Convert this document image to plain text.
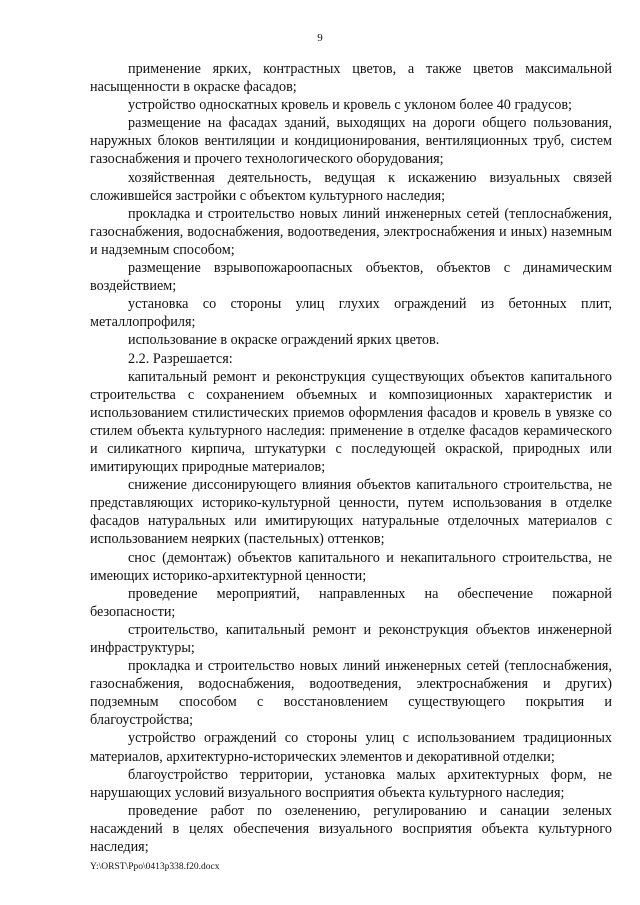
9

применение ярких, контрастных цветов, а также цветов максимальной насыщенности в окраске фасадов;

устройство односкатных кровель и кровель с уклоном более 40 градусов;

размещение на фасадах зданий, выходящих на дороги общего пользования, наружных блоков вентиляции и кондиционирования, вентиляционных труб, систем газоснабжения и прочего технологического оборудования;

хозяйственная деятельность, ведущая к искажению визуальных связей сложившейся застройки с объектом культурного наследия;

прокладка и строительство новых линий инженерных сетей (теплоснабжения, газоснабжения, водоснабжения, водоотведения, электроснабжения и иных) наземным и надземным способом;

размещение взрывопожароопасных объектов, объектов с динамическим воздействием;

установка со стороны улиц глухих ограждений из бетонных плит, металлопрофиля;

использование в окраске ограждений ярких цветов.

2.2. Разрешается:

капитальный ремонт и реконструкция существующих объектов капитального строительства с сохранением объемных и композиционных характеристик и использованием стилистических приемов оформления фасадов и кровель в увязке со стилем объекта культурного наследия: применение в отделке фасадов керамического и силикатного кирпича, штукатурки с последующей окраской, природных или имитирующих природные материалов;

снижение диссонирующего влияния объектов капитального строительства, не представляющих историко-культурной ценности, путем использования в отделке фасадов натуральных или имитирующих натуральные отделочных материалов с использованием неярких (пастельных) оттенков;

снос (демонтаж) объектов капитального и некапитального строительства, не имеющих историко-архитектурной ценности;

проведение мероприятий, направленных на обеспечение пожарной безопасности;

строительство, капитальный ремонт и реконструкция объектов инженерной инфраструктуры;

прокладка и строительство новых линий инженерных сетей (теплоснабжения, газоснабжения, водоснабжения, водоотведения, электроснабжения и других) подземным способом с восстановлением существующего покрытия и благоустройства;

устройство ограждений со стороны улиц с использованием традиционных материалов, архитектурно-исторических элементов и декоративной отделки;

благоустройство территории, установка малых архитектурных форм, не нарушающих условий визуального восприятия объекта культурного наследия;

проведение работ по озеленению, регулированию и санации зеленых насаждений в целях обеспечения визуального восприятия объекта культурного наследия;

Y:\ORST\Ppo\0413p338.f20.docx
